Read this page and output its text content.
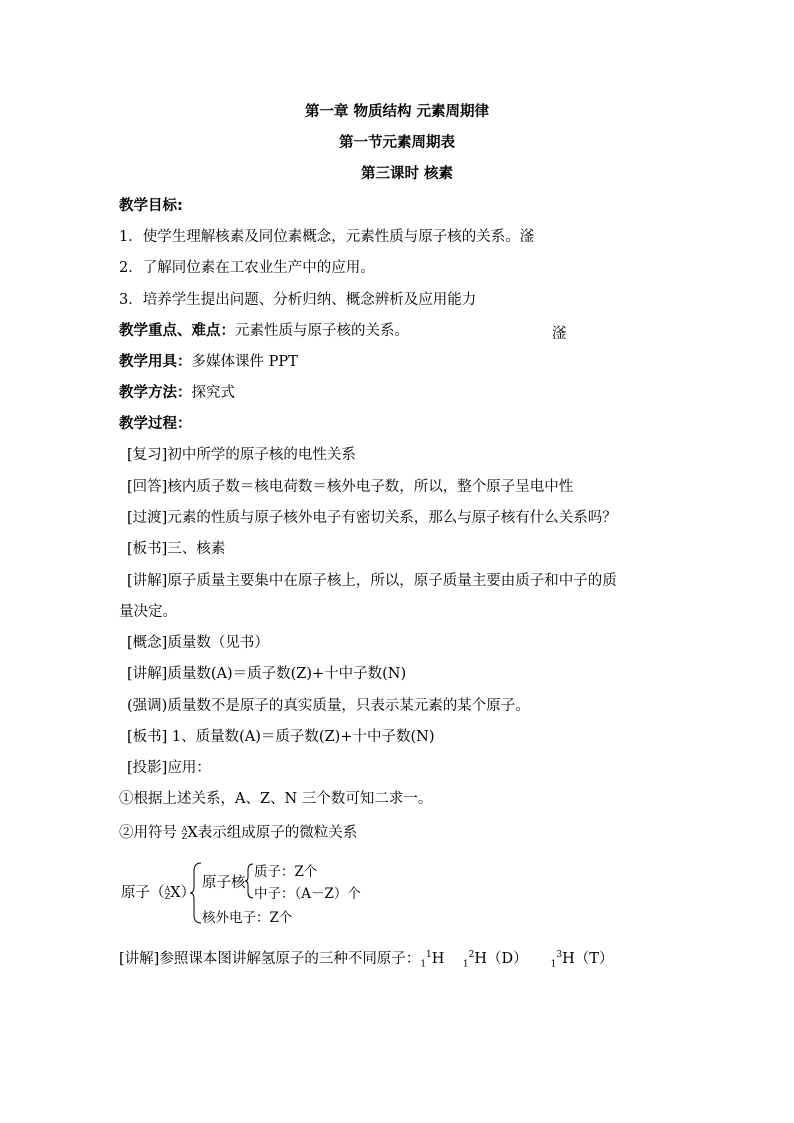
第一章 物质结构 元素周期律
第一节元素周期表
第三课时 核素
教学目标:
1．使学生理解核素及同位素概念，元素性质与原子核的关系。滏
2．了解同位素在工农业生产中的应用。
3．培养学生提出问题、分析归纳、概念辨析及应用能力
教学重点、难点：元素性质与原子核的关系。	滏
教学用具：多媒体课件 PPT
教学方法：探究式
教学过程：
[复习]初中所学的原子核的电性关系
[回答]核内质子数＝核电荷数＝核外电子数，所以，整个原子呈电中性
[过渡]元素的性质与原子核外电子有密切关系，那么与原子核有什么关系吗？
[板书]三、核素
[讲解]原子质量主要集中在原子核上，所以，原子质量主要由质子和中子的质
量决定。
[概念]质量数（见书）
[讲解]质量数(A)＝质子数(Z)+十中子数(N)
(强调)质量数不是原子的真实质量，只表示某元素的某个原子。
[板书] 1、质量数(A)＝质子数(Z)+十中子数(N)
[投影]应用：
①根据上述关系，A、Z、N 三个数可知二求一。
②用符号 A
Z X表示组成原子的微粒关系
原子（ A
Z X）
原子核
质子：Z个
中子：（A－Z）个
核外电子：Z个
[讲解]参照课本图讲解氢原子的三种不同原子：$_1^1$H $_1^2$H（D）	$_1^3$H（T）
